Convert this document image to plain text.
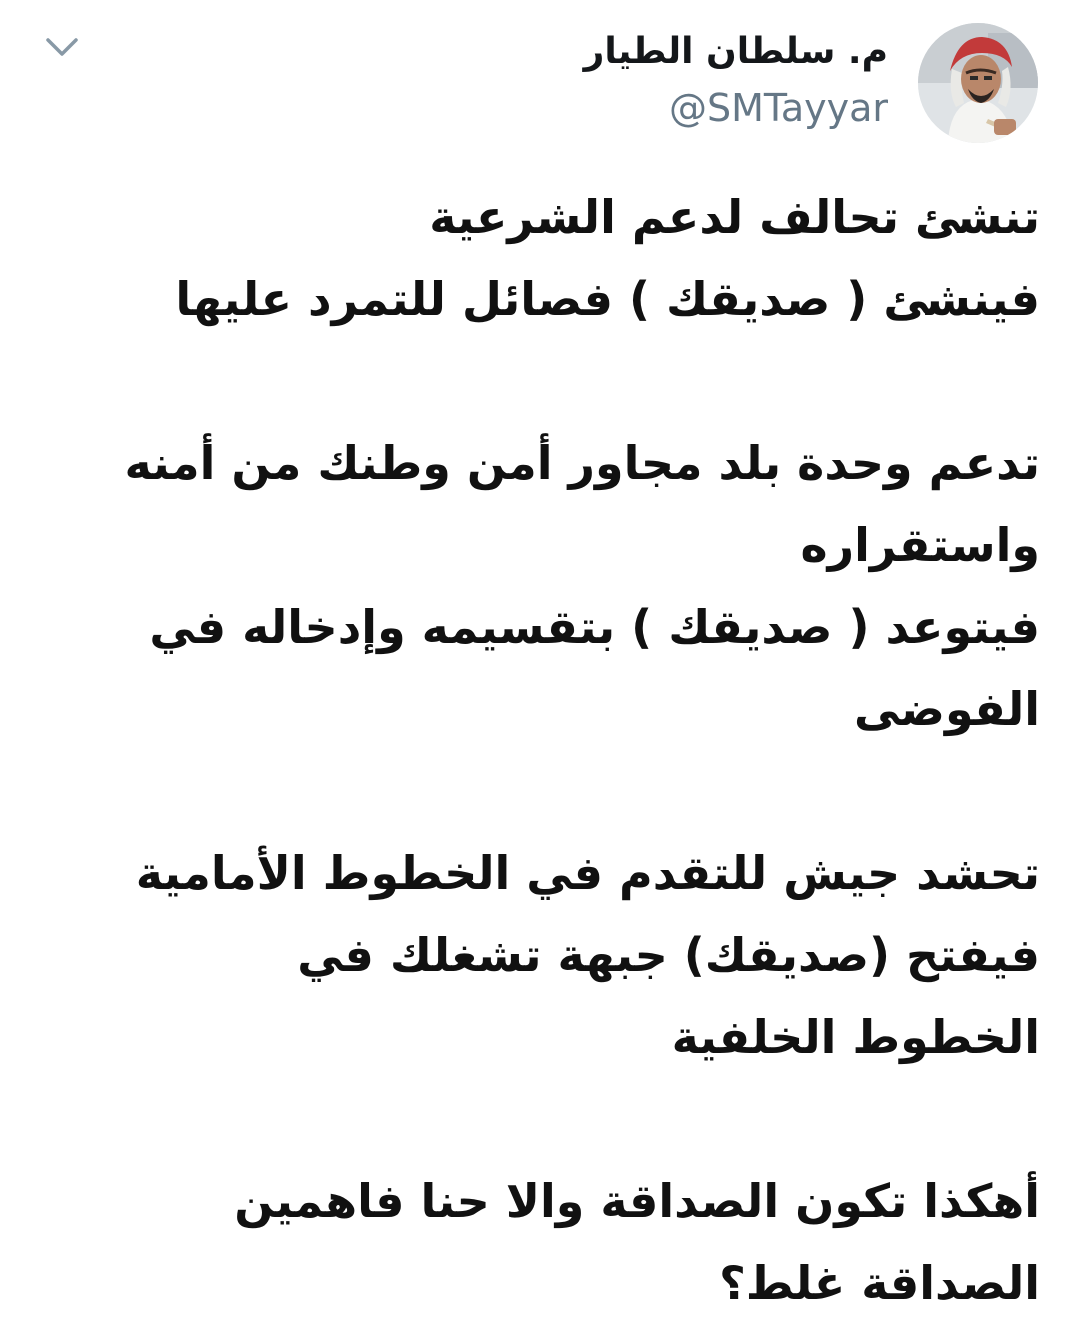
م. سلطان الطيار
@SMTayyar
تنشئ تحالف لدعم الشرعية
فينشئ ( صديقك ) فصائل للتمرد عليها
تدعم وحدة بلد مجاور أمن وطنك من أمنه
واستقراره
فيتوعد ( صديقك ) بتقسيمه وإدخاله في
الفوضى
تحشد جيش للتقدم في الخطوط الأمامية
فيفتح (صديقك) جبهة تشغلك في
الخطوط الخلفية
أهكذا تكون الصداقة والا حنا فاهمين
الصداقة غلط؟
